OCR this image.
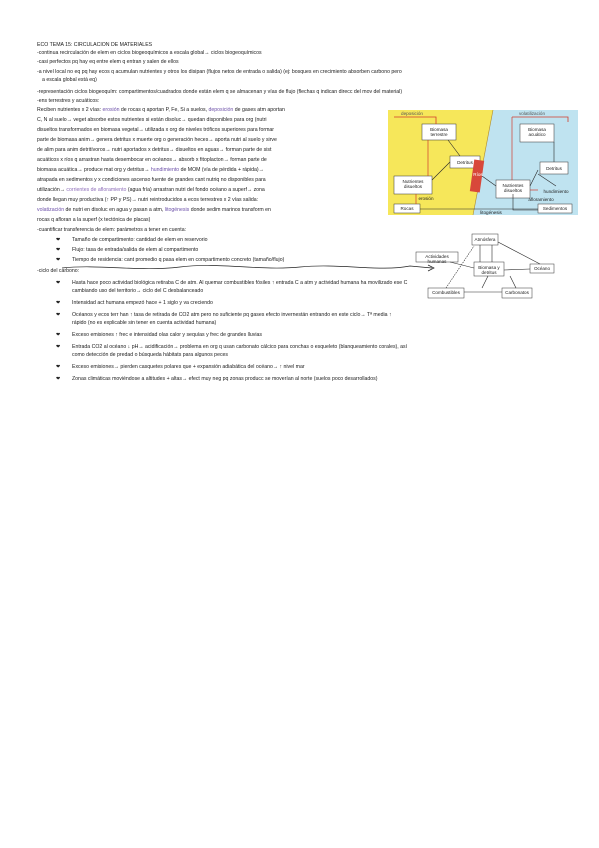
ECO TEMA 15: CIRCULACION DE MATERIALES
-continua recirculación de elem en ciclos biogeoquímicos a escala global→ ciclos biogeoquímicos
-casi perfectos pq hay eq entre elem q entran y salen de ellos
-a nivel local no eq pq hay ecos q acumulan nutrientes y otros los disipan (flujos netos de entrada o salida) (ej: bosques en crecimiento absorben carbono pero
a escala global está eq)
-representación ciclos biogeoquím: compartimentos/cuadrados donde están elem q se almacenan y vías de flujo (flechas q indican direcc del mov del material)
-ens terrestres y acuáticos:
Reciben nutrientes x 2 vías: erosión de rocas q aportan P, Fe, Si a suelos, deposición de gases atm aportan
C, N al suelo→ veget absorbe estos nutrientes si están disoluc→ quedan disponibles para org (nutri
disueltos transformados en biomasa vegetal→ utilizada x org de niveles tróficos superiores para formar
parte de biomasa anim→ genera detritus x muerte org o generación heces→ aporta nutri al suelo y sirve
de alim para anim detritívoros→ nutri aportados x detritus→ disueltos en aguas→ forman parte de sist
acuáticos x ríos q arrastran hasta desembocar en océanos→ absorb x fitoplacton→ forman parte de
biomasa acuática→ produce mat org y detritus→ hundimiento de MOM (vía de pérdida + rápida)→
atrapada en sedimentos y x condiciones ascenso fuente de grandes cant nutriq no disponibles para
utilización→ corrientes de afloramiento (agua fría) arrastran nutri del fondo océano a superf→ zona
donde llegan muy productiva (↑ PP y PS)→ nutri reintroducidos a ecos terrestres x 2 vías salida:
volatización de nutri en disoluc en agua y pasan a atm, litogénesis donde sedim marinos transform en
rocas q afloran a la superf (x tectónica de placas)
-cuantificar transferencia de elem: parámetros a tener en cuenta:
❤ Tamaño de compartimento: cantidad de elem en reservorio
❤ Flujo: tasa de entrada/salida de elem al compartimento
❤ Tiempo de residencia: cant promedio q pasa elem en compartimento concreto (tamaño/flujo)
-ciclo del carbono:
❤ Hasta hace poco actividad biológica retiraba C de atm. Al quemar combustibles fósiles ↑ entrada C a atm y actividad humana ha movilizado ese C
cambiando uso del territorio→ ciclo del C desbalanceado
❤ Intensidad act humana empezó hace + 1 siglo y va creciendo
❤ Océanos y ecos terr han ↑ tasa de retirada de CO2 atm pero no suficiente pq gases efecto invernestán entrando en este ciclo→ Tª media ↑
rápido (no es explicable sin tener en cuenta actividad humana)
❤ Exceso emisiones ↑ frec e intensidad olas calor y sequías y frec de grandes lluvias
❤ Entrada CO2 al océano ↓ pH→ acidificación→ problema en org q usan carbonato cálcico para conchas o esqueleto (blanqueamiento corales), así
como detección de predad o búsqueda hábitats para algunos peces
❤ Exceso emisiones→ pierden casquetes polares que + expansión adiabática del océano→ ↑ nivel mar
❤ Zonas climáticas moviéndose a altitudes + altas→ efect muy neg pq zonas producc se moverían al norte (suelos poco desarrollados)
deposición	volatilización
Biomasa terrestre
Biomasa acuático
Detritus
Detritus
Nutrientes disueltos	Nutrientes disueltos
Ríos
erosión
Rocas
hundimiento
afloramiento
Sedimentos
litogénesis
Atmósfera
Actividades humanas
Biomasa y detritus
Océano
Combustibles	Carbonatos
